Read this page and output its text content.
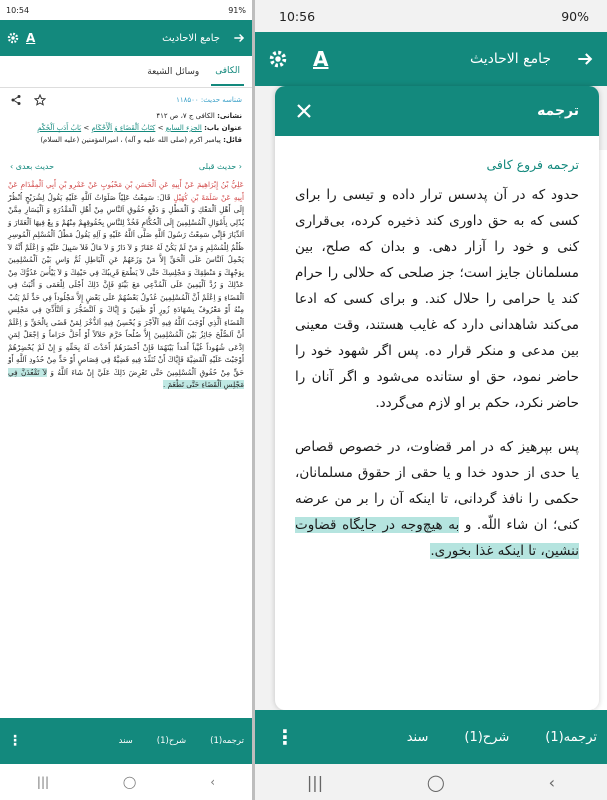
10:54	91%
A	جامع الاحادیث
وسائل الشیعة	الکافی
شناسه حدیث: ۱۱۸۵۰۰
نشانی: الکافی ج ۷، ص ۴۱۲
عنوان باب: الجزء السابع > کِتَابُ اَلْقَضَاءِ وَ اَلْأَحْكَامِ > بَابُ أَدَبِ اَلْحُكْمِ
قائل: پیامبر اکرم (صلی الله علیه و آله) ، امیرالمؤمنین (علیه السلام)
‹ حدیث بعدی	حدیث قبلی ›
عَلِيُّ بْنُ إِبْرَاهِيمَ عَنْ أَبِيهِ عَنِ اَلْحَسَنِ بْنِ مَحْبُوبٍ عَنْ عَمْرِو بْنِ أَبِي اَلْمِقْدَامِ عَنْ أَبِيهِ عَنْ سَلَمَةَ بْنِ كُهَيْلٍ قَالَ: سَمِعْتُ عَلِيّاً صَلَوَاتُ اَللَّهِ عَلَيْهِ يَقُولُ لِشُرَيْحٍ اُنْظُرْ إِلَى أَهْلِ اَلْمَعْكِ وَ اَلْمَطْلِ وَ دَفْعِ حُقُوقِ اَلنَّاسِ مِنْ أَهْلِ اَلْمَقْدُرَةِ وَ اَلْيَسَارِ مِمَّنْ يُدْلِي بِأَمْوَالِ اَلْمُسْلِمِينَ إِلَى اَلْحُكَّامِ فَخُذْ لِلنَّاسِ بِحُقُوقِهِمْ مِنْهُمْ وَ بِعْ فِيهَا اَلْعَقَارَ وَ اَلدِّيَارَ فَإِنِّي سَمِعْتُ رَسُولَ اَللَّهِ صَلَّى اَللَّهُ عَلَيْهِ وَ آلِهِ يَقُولُ مَطْلُ اَلْمُسْلِمِ اَلْمُوسِرِ ظُلْمٌ لِلْمُسْلِمِ وَ مَنْ لَمْ يَكُنْ لَهُ عَقَارٌ وَ لاَ دَارٌ وَ لاَ مَالٌ فَلاَ سَبِيلَ عَلَيْهِ وَ اِعْلَمْ أَنَّهُ لاَ يَحْمِلُ اَلنَّاسَ عَلَى اَلْحَقِّ إِلاَّ مَنْ وَزَعَهُمْ عَنِ اَلْبَاطِلِ ثُمَّ وَاسِ بَيْنَ اَلْمُسْلِمِينَ بِوَجْهِكَ وَ مَنْطِقِكَ وَ مَجْلِسِكَ حَتَّى لاَ يَطْمَعَ قَرِيبُكَ فِي حَيْفِكَ وَ لاَ يَيْأَسَ عَدُوُّكَ مِنْ عَدْلِكَ وَ رُدَّ اَلْيَمِينَ عَلَى اَلْمُدَّعِي مَعَ بَيِّنَةٍ فَإِنَّ ذَلِكَ أَجْلَى لِلْعَمَى وَ أَثْبَتُ فِي اَلْقَضَاءِ وَ اِعْلَمْ أَنَّ اَلْمُسْلِمِينَ عُدُولٌ بَعْضُهُمْ عَلَى بَعْضٍ إِلاَّ مَجْلُوداً فِي حَدٍّ لَمْ يَتُبْ مِنْهُ أَوْ مَعْرُوفٌ بِشَهَادَةِ زُورٍ أَوْ ظَنِينٌ وَ إِيَّاكَ وَ اَلتَّضَجُّرَ وَ اَلتَّأَذِّيَ فِي مَجْلِسِ اَلْقَضَاءِ اَلَّذِي أَوْجَبَ اَللَّهُ فِيهِ اَلْأَجْرَ وَ يُحْسِنُ فِيهِ اَلذُّخْرَ لِمَنْ قَضَى بِالْحَقِّ وَ اِعْلَمْ أَنَّ اَلصُّلْحَ جَائِزٌ بَيْنَ اَلْمُسْلِمِينَ إِلاَّ صُلْحاً حَرَّمَ حَلاَلاً أَوْ أَحَلَّ حَرَاماً وَ اِجْعَلْ لِمَنِ اِدَّعَى شُهُوداً غُيَّباً أَمَداً بَيْنَهُمَا فَإِنْ أَحْضَرَهُمْ أَخَذْتَ لَهُ بِحَقِّهِ وَ إِنْ لَمْ يُحْضِرْهُمْ أَوْجَبْتَ عَلَيْهِ اَلْقَضِيَّةَ فَإِيَّاكَ أَنْ تُنَفِّذَ فِيهِ قَضِيَّةً فِي قِصَاصٍ أَوْ حَدٍّ مِنْ حُدُودِ اَللَّهِ أَوْ حَقٍّ مِنْ حُقُوقِ اَلْمُسْلِمِينَ حَتَّى تَعْرِضَ ذَلِكَ عَلَيَّ إِنْ شَاءَ اَللَّهُ وَ لاَ تَقْعُدَنَّ فِي مَجْلِسِ اَلْقَضَاءِ حَتَّى تَطْعَمَ .
⋮	ترجمه(1)
شرح(1)
سند
|||	◯	‹
10:56	90%
A	جامع الاحادیث
ترجمه
ترجمه فروع کافی
حدود که در آن پدسس ترار داده و تیسی را برای کسی که به حق داوری کند ذخیره کرده، بی‌قراری کنی و خود را آزار دهی. و بدان که صلح، بین مسلمانان جایز است؛ جز صلحی که حلالی را حرام کند یا حرامی را حلال کند. و برای کسی که ادعا می‌کند شاهدانی دارد که غایب هستند، وقت معینی بین مدعی و منکر قرار ده. پس اگر شهود خود را حاضر نمود، حق او ستانده می‌شود و اگر آنان را حاضر نکرد، حکم بر او لازم می‌گردد.
پس بپرهیز که در امر قضاوت، در خصوص قصاص یا حدی از حدود خدا و یا حقی از حقوق مسلمانان، حکمی را نافذ گردانی، تا اینکه آن را بر من عرضه کنی؛ ان شاء اللّه. و به هیچ‌وجه در جایگاه قضاوت ننشین، تا اینکه غذا بخوری.
⋮	ترجمه(1)
شرح(1)
سند
|||	◯	‹
